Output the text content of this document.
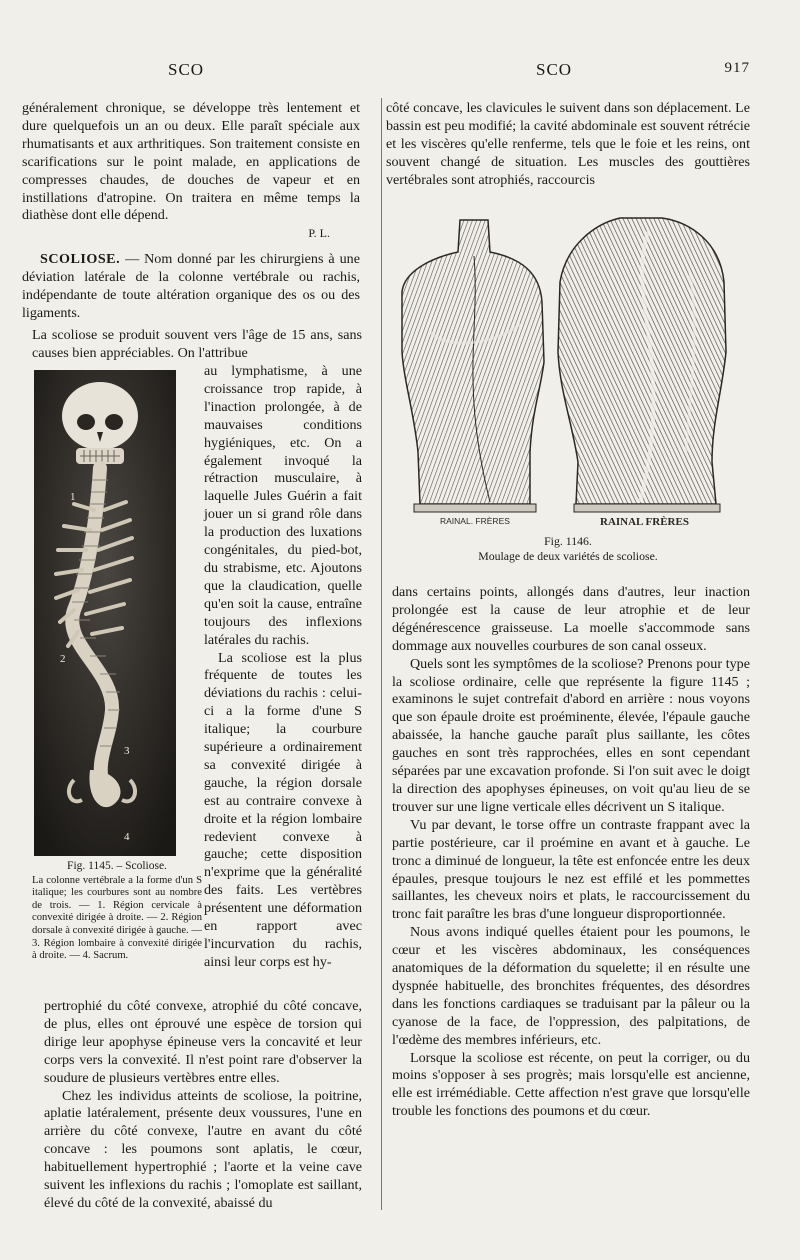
SCO	SCO	917

généralement chronique, se développe très lentement et dure quelquefois un an ou deux. Elle paraît spéciale aux rhumatisants et aux arthritiques. Son traitement consiste en scarifications sur le point malade, en applications de compresses chaudes, de douches de vapeur et en instillations d'atropine. On traitera en même temps la diathèse dont elle dépend.

P. L.

SCOLIOSE. — Nom donné par les chirurgiens à une déviation latérale de la colonne vertébrale ou rachis, indépendante de toute altération organique des os ou des ligaments.

La scoliose se produit souvent vers l'âge de 15 ans, sans causes bien appréciables. On l'attribue
1
2
3
4
Fig. 1145. – Scoliose.
La colonne vertébrale a la forme d'un S italique; les courbures sont au nombre de trois. — 1. Région cervicale à convexité dirigée à droite. — 2. Région dorsale à convexité dirigée à gauche. — 3. Région lombaire à convexité dirigée à droite. — 4. Sacrum.

au lymphatisme, à une croissance trop rapide, à l'inaction prolongée, à de mauvaises conditions hygiéniques, etc. On a également invoqué la rétraction musculaire, à laquelle Jules Guérin a fait jouer un si grand rôle dans la production des luxations congénitales, du pied-bot, du strabisme, etc. Ajoutons que la claudication, quelle qu'en soit la cause, entraîne toujours des inflexions latérales du rachis.

La scoliose est la plus fréquente de toutes les déviations du rachis : celui-ci a la forme d'une S italique; la courbure supérieure a ordinairement sa convexité dirigée à gauche, la région dorsale est au contraire convexe à droite et la région lombaire redevient convexe à gauche; cette disposition n'exprime que la généralité des faits. Les vertèbres présentent une déformation en rapport avec l'incurvation du rachis, ainsi leur corps est hy-

pertrophié du côté convexe, atrophié du côté concave, de plus, elles ont éprouvé une espèce de torsion qui dirige leur apophyse épineuse vers la concavité et leur corps vers la convexité. Il n'est point rare d'observer la soudure de plusieurs vertèbres entre elles.

Chez les individus atteints de scoliose, la poitrine, aplatie latéralement, présente deux voussures, l'une en arrière du côté convexe, l'autre en avant du côté concave : les poumons sont aplatis, le cœur, habituellement hypertrophié ; l'aorte et la veine cave suivent les inflexions du rachis ; l'omoplate est saillant, élevé du côté de la convexité, abaissé du

côté concave, les clavicules le suivent dans son déplacement. Le bassin est peu modifié; la cavité abdominale est souvent rétrécie et les viscères qu'elle renferme, tels que le foie et les reins, ont souvent changé de situation. Les muscles des gouttières vertébrales sont atrophiés, raccourcis

RAINAL. FRÈRES	RAINAL FRÈRES
Fig. 1146.
Moulage de deux variétés de scoliose.

dans certains points, allongés dans d'autres, leur inaction prolongée est la cause de leur atrophie et de leur dégénérescence graisseuse. La moelle s'accommode sans dommage aux nouvelles courbures de son canal osseux.

Quels sont les symptômes de la scoliose? Prenons pour type la scoliose ordinaire, celle que représente la figure 1145 ; examinons le sujet contrefait d'abord en arrière : nous voyons que son épaule droite est proéminente, élevée, l'épaule gauche abaissée, la hanche gauche paraît plus saillante, les côtes gauches en sont très rapprochées, elles en sont cependant séparées par une excavation profonde. Si l'on suit avec le doigt la direction des apophyses épineuses, on voit qu'au lieu de se trouver sur une ligne verticale elles décrivent un S italique.

Vu par devant, le torse offre un contraste frappant avec la partie postérieure, car il proémine en avant et à gauche. Le tronc a diminué de longueur, la tête est enfoncée entre les deux épaules, presque toujours le nez est effilé et les pommettes saillantes, les cheveux noirs et plats, le raccourcissement du tronc fait paraître les bras d'une longueur disproportionnée.

Nous avons indiqué quelles étaient pour les poumons, le cœur et les viscères abdominaux, les conséquences anatomiques de la déformation du squelette; il en résulte une dyspnée habituelle, des bronchites fréquentes, des désordres dans les fonctions cardiaques se traduisant par la pâleur ou la cyanose de la face, de l'oppression, des palpitations, de l'œdème des membres inférieurs, etc.

Lorsque la scoliose est récente, on peut la corriger, ou du moins s'opposer à ses progrès; mais lorsqu'elle est ancienne, elle est irrémédiable. Cette affection n'est grave que lorsqu'elle trouble les fonctions des poumons et du cœur.
